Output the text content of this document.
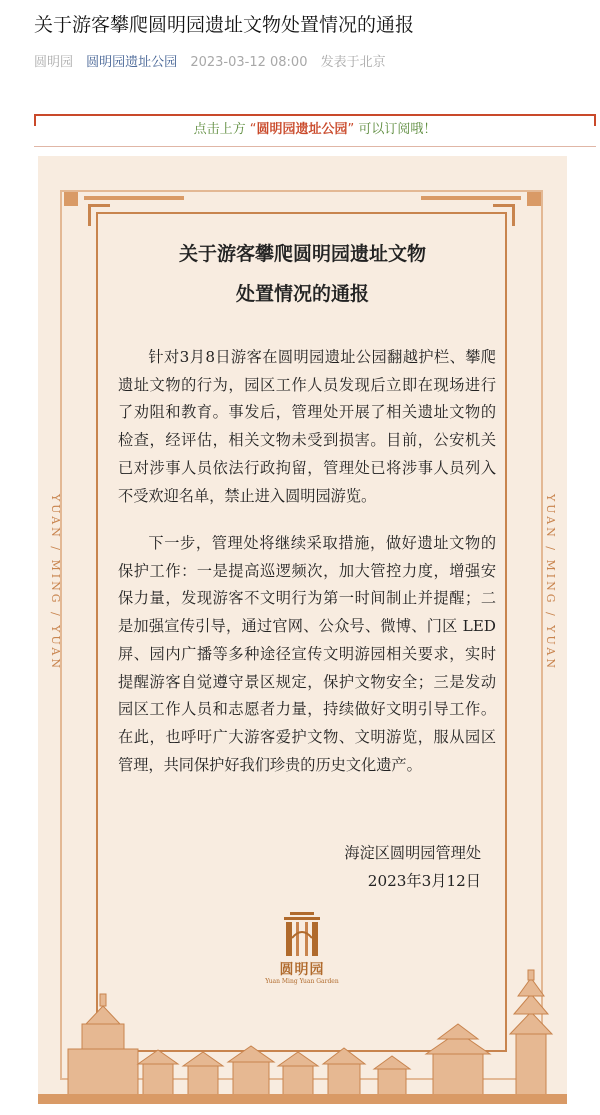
关于游客攀爬圆明园遗址文物处置情况的通报
圆明园 圆明园遗址公园 2023-03-12 08:00 发表于北京
点击上方 “圆明园遗址公园” 可以订阅哦！
YUAN / MING / YUAN	YUAN / MING / YUAN
关于游客攀爬圆明园遗址文物
处置情况的通报

针对3月8日游客在圆明园遗址公园翻越护栏、攀爬遗址文物的行为，园区工作人员发现后立即在现场进行了劝阻和教育。事发后，管理处开展了相关遗址文物的检查，经评估，相关文物未受到损害。目前，公安机关已对涉事人员依法行政拘留，管理处已将涉事人员列入不受欢迎名单，禁止进入圆明园游览。

下一步，管理处将继续采取措施，做好遗址文物的保护工作：一是提高巡逻频次，加大管控力度，增强安保力量，发现游客不文明行为第一时间制止并提醒；二是加强宣传引导，通过官网、公众号、微博、门区 LED 屏、园内广播等多种途径宣传文明游园相关要求，实时提醒游客自觉遵守景区规定，保护文物安全；三是发动园区工作人员和志愿者力量，持续做好文明引导工作。在此，也呼吁广大游客爱护文物、文明游览，服从园区管理，共同保护好我们珍贵的历史文化遗产。

海淀区圆明园管理处
2023年3月12日
圆明园
Yuan Ming Yuan Garden
